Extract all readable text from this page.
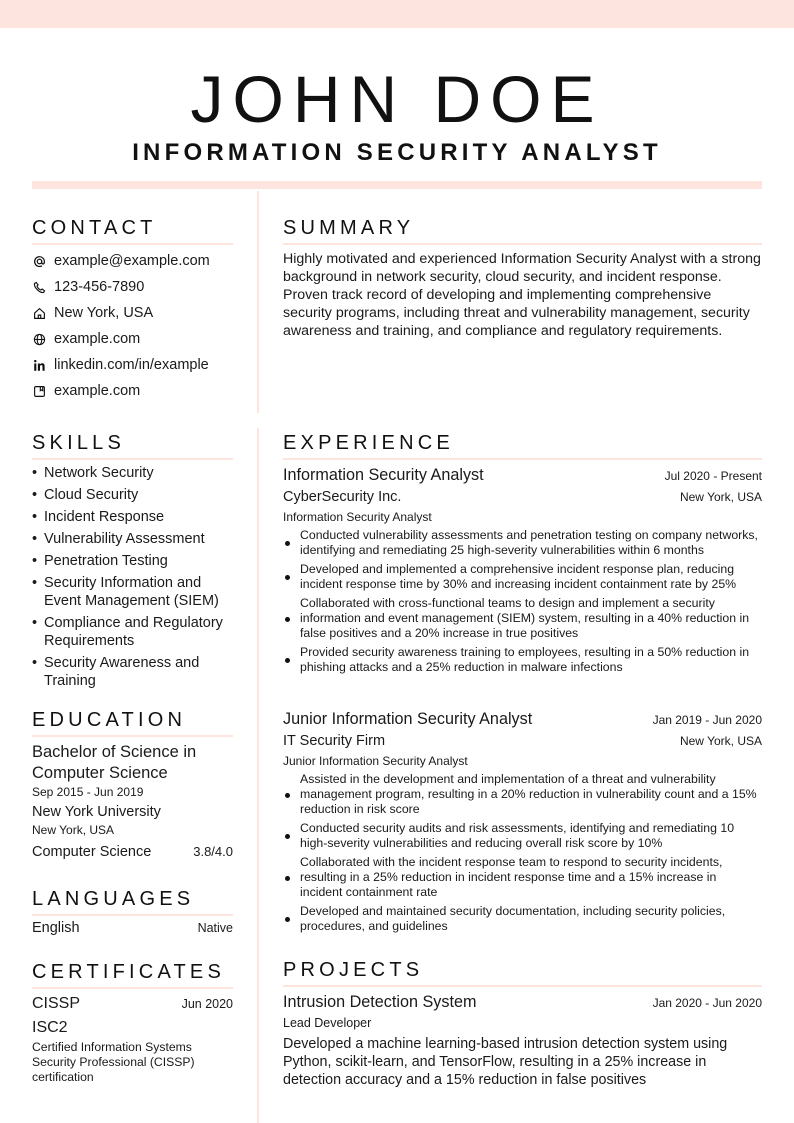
JOHN DOE
INFORMATION SECURITY ANALYST
CONTACT
example@example.com
123-456-7890
New York, USA
example.com
linkedin.com/in/example
example.com
SUMMARY

Highly motivated and experienced Information Security Analyst with a strong background in network security, cloud security, and incident response. Proven track record of developing and implementing comprehensive security programs, including threat and vulnerability management, security awareness and training, and compliance and regulatory requirements.

SKILLS
• Network Security
• Cloud Security
• Incident Response
• Vulnerability Assessment
• Penetration Testing
• Security Information and Event Management (SIEM)
• Compliance and Regulatory Requirements
• Security Awareness and Training
EDUCATION
Bachelor of Science in Computer Science
Sep 2015 - Jun 2019
New York University
New York, USA
Computer Science	3.8/4.0
LANGUAGES
English	Native
CERTIFICATES
CISSP	Jun 2020
ISC2
Certified Information Systems Security Professional (CISSP) certification
EXPERIENCE
Information Security Analyst	Jul 2020 - Present
CyberSecurity Inc.	New York, USA
Information Security Analyst
Conducted vulnerability assessments and penetration testing on company networks, identifying and remediating 25 high-severity vulnerabilities within 6 months
Developed and implemented a comprehensive incident response plan, reducing incident response time by 30% and increasing incident containment rate by 25%
Collaborated with cross-functional teams to design and implement a security information and event management (SIEM) system, resulting in a 40% reduction in false positives and a 20% increase in true positives
Provided security awareness training to employees, resulting in a 50% reduction in phishing attacks and a 25% reduction in malware infections
Junior Information Security Analyst	Jan 2019 - Jun 2020
IT Security Firm	New York, USA
Junior Information Security Analyst
Assisted in the development and implementation of a threat and vulnerability management program, resulting in a 20% reduction in vulnerability count and a 15% reduction in risk score
Conducted security audits and risk assessments, identifying and remediating 10 high-severity vulnerabilities and reducing overall risk score by 10%
Collaborated with the incident response team to respond to security incidents, resulting in a 25% reduction in incident response time and a 15% increase in incident containment rate
Developed and maintained security documentation, including security policies, procedures, and guidelines
PROJECTS
Intrusion Detection System	Jan 2020 - Jun 2020
Lead Developer
Developed a machine learning-based intrusion detection system using Python, scikit-learn, and TensorFlow, resulting in a 25% increase in detection accuracy and a 15% reduction in false positives
